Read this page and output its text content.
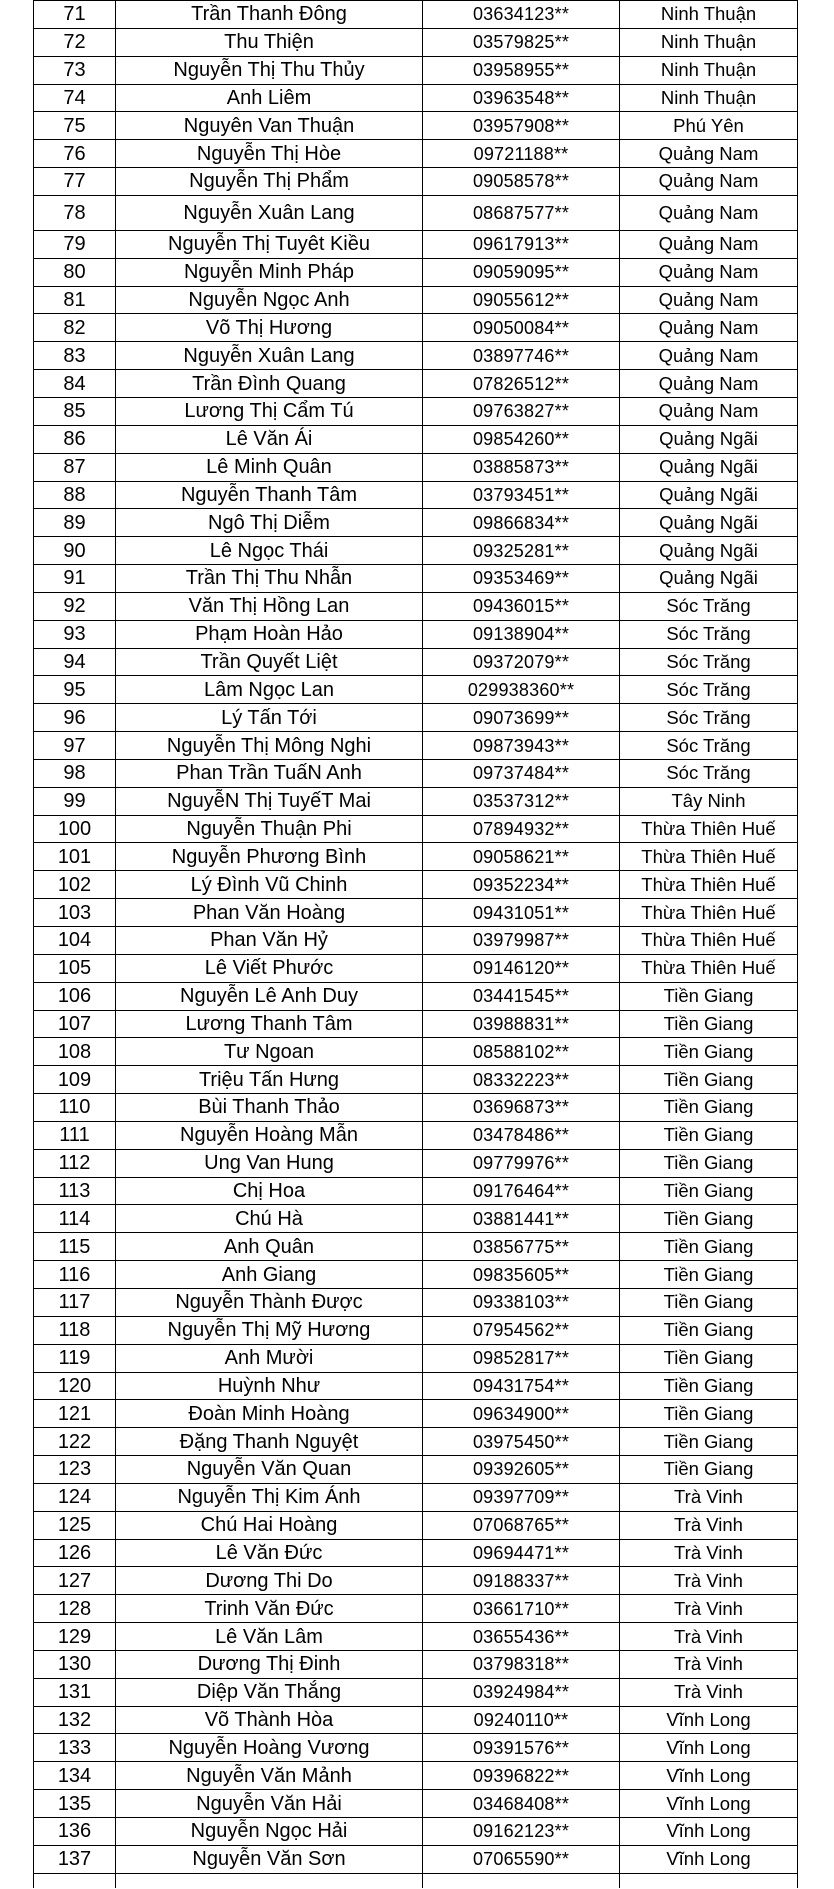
71	Trần Thanh Đông	03634123**	Ninh Thuận
72	Thu Thiện	03579825**	Ninh Thuận
73	Nguyễn Thị Thu Thủy	03958955**	Ninh Thuận
74	Anh Liêm	03963548**	Ninh Thuận
75	Nguyên Van Thuận	03957908**	Phú Yên
76	Nguyễn Thị Hòe	09721188**	Quảng Nam
77	Nguyễn Thị Phẩm	09058578**	Quảng Nam
78	Nguyễn Xuân Lang	08687577**	Quảng Nam
79	Nguyễn Thị Tuyêt Kiều	09617913**	Quảng Nam
80	Nguyễn Minh Pháp	09059095**	Quảng Nam
81	Nguyễn Ngọc Anh	09055612**	Quảng Nam
82	Võ Thị Hương	09050084**	Quảng Nam
83	Nguyễn Xuân Lang	03897746**	Quảng Nam
84	Trần Đình Quang	07826512**	Quảng Nam
85	Lương Thị Cẩm Tú	09763827**	Quảng Nam
86	Lê Văn Ái	09854260**	Quảng Ngãi
87	Lê Minh Quân	03885873**	Quảng Ngãi
88	Nguyễn Thanh Tâm	03793451**	Quảng Ngãi
89	Ngô Thị Diễm	09866834**	Quảng Ngãi
90	Lê Ngọc Thái	09325281**	Quảng Ngãi
91	Trần Thị Thu Nhẫn	09353469**	Quảng Ngãi
92	Văn Thị Hồng Lan	09436015**	Sóc Trăng
93	Phạm Hoàn Hảo	09138904**	Sóc Trăng
94	Trần Quyết Liệt	09372079**	Sóc Trăng
95	Lâm Ngọc Lan	029938360**	Sóc Trăng
96	Lý Tấn Tới	09073699**	Sóc Trăng
97	Nguyễn Thị Mông Nghi	09873943**	Sóc Trăng
98	Phan Trần TuấN Anh	09737484**	Sóc Trăng
99	NguyễN Thị TuyếT Mai	03537312**	Tây Ninh
100	Nguyễn Thuận Phi	07894932**	Thừa Thiên Huế
101	Nguyễn Phương Bình	09058621**	Thừa Thiên Huế
102	Lý Đình Vũ Chinh	09352234**	Thừa Thiên Huế
103	Phan Văn Hoàng	09431051**	Thừa Thiên Huế
104	Phan Văn Hỷ	03979987**	Thừa Thiên Huế
105	Lê Viết Phước	09146120**	Thừa Thiên Huế
106	Nguyễn Lê Anh Duy	03441545**	Tiền Giang
107	Lương Thanh Tâm	03988831**	Tiền Giang
108	Tư Ngoan	08588102**	Tiền Giang
109	Triệu Tấn Hưng	08332223**	Tiền Giang
110	Bùi Thanh Thảo	03696873**	Tiền Giang
111	Nguyễn Hoàng Mẫn	03478486**	Tiền Giang
112	Ung Van Hung	09779976**	Tiền Giang
113	Chị Hoa	09176464**	Tiền Giang
114	Chú Hà	03881441**	Tiền Giang
115	Anh Quân	03856775**	Tiền Giang
116	Anh Giang	09835605**	Tiền Giang
117	Nguyễn Thành Được	09338103**	Tiền Giang
118	Nguyễn Thị Mỹ Hương	07954562**	Tiền Giang
119	Anh Mười	09852817**	Tiền Giang
120	Huỳnh Như	09431754**	Tiền Giang
121	Đoàn Minh Hoàng	09634900**	Tiền Giang
122	Đặng Thanh Nguyệt	03975450**	Tiền Giang
123	Nguyễn Văn Quan	09392605**	Tiền Giang
124	Nguyễn Thị Kim Ánh	09397709**	Trà Vinh
125	Chú Hai Hoàng	07068765**	Trà Vinh
126	Lê Văn Đức	09694471**	Trà Vinh
127	Dương Thi Do	09188337**	Trà Vinh
128	Trinh Văn Đức	03661710**	Trà Vinh
129	Lê Văn Lâm	03655436**	Trà Vinh
130	Dương Thị Đinh	03798318**	Trà Vinh
131	Diệp Văn Thắng	03924984**	Trà Vinh
132	Võ Thành Hòa	09240110**	Vĩnh Long
133	Nguyễn Hoàng Vương	09391576**	Vĩnh Long
134	Nguyễn Văn Mảnh	09396822**	Vĩnh Long
135	Nguyễn Văn Hải	03468408**	Vĩnh Long
136	Nguyễn Ngọc Hải	09162123**	Vĩnh Long
137	Nguyễn Văn Sơn	07065590**	Vĩnh Long
